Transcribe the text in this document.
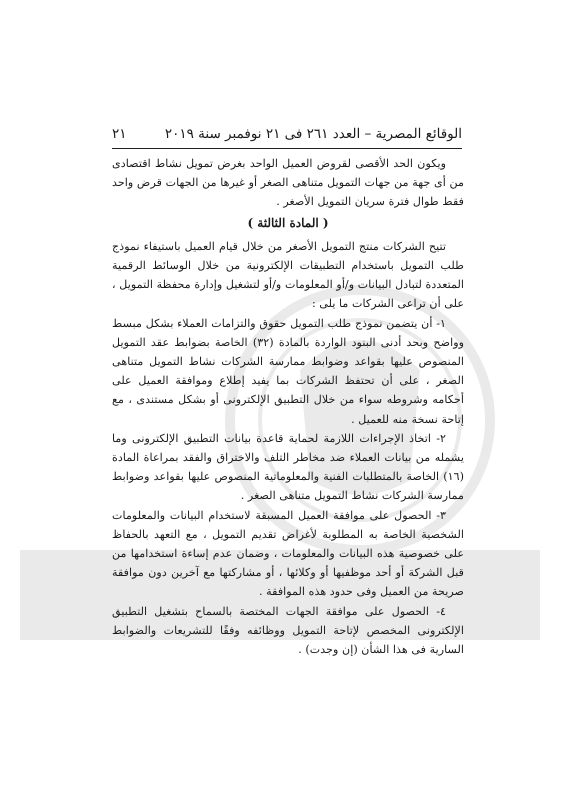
الوقائع المصرية – العدد ٢٦١ فى ٢١ نوفمبر سنة ٢٠١٩
٢١

ويكون الحد الأقصى لقروض العميل الواحد بغرض تمويل نشاط اقتصادى من أى جهة من جهات التمويل متناهى الصغر أو غيرها من الجهات قرض واحد فقط طوال فترة سريان التمويل الأصغر .

( المادة الثالثة )

تتيح الشركات منتج التمويل الأصغر من خلال قيام العميل باستيفاء نموذج طلب التمويل باستخدام التطبيقات الإلكترونية من خلال الوسائط الرقمية المتعددة لتبادل البيانات و/أو المعلومات و/أو لتشغيل وإدارة محفظة التمويل ، على أن تراعى الشركات ما يلى :

١- أن يتضمن نموذج طلب التمويل حقوق والتزامات العملاء بشكل مبسط وواضح وبحد أدنى البنود الواردة بالمادة (٣٢) الخاصة بضوابط عقد التمويل المنصوص عليها بقواعد وضوابط ممارسة الشركات نشاط التمويل متناهى الصغر ، على أن تحتفظ الشركات بما يفيد إطلاع وموافقة العميل على أحكامه وشروطه سواء من خلال التطبيق الإلكترونى أو بشكل مستندى ، مع إتاحة نسخة منه للعميل .

٢- اتخاذ الإجراءات اللازمة لحماية قاعدة بيانات التطبيق الإلكترونى وما يشمله من بيانات العملاء ضد مخاطر التلف والاختراق والفقد بمراعاة المادة (١٦) الخاصة بالمتطلبات الفنية والمعلوماتية المنصوص عليها بقواعد وضوابط ممارسة الشركات نشاط التمويل متناهى الصغر .

٣- الحصول على موافقة العميل المسبقة لاستخدام البيانات والمعلومات الشخصية الخاصة به المطلوبة لأغراض تقديم التمويل ، مع التعهد بالحفاظ على خصوصية هذه البيانات والمعلومات ، وضمان عدم إساءة استخدامها من قبل الشركة أو أحد موظفيها أو وكلائها ، أو مشاركتها مع آخرين دون موافقة صريحة من العميل وفى حدود هذه الموافقة .

٤- الحصول على موافقة الجهات المختصة بالسماح بتشغيل التطبيق الإلكترونى المخصص لإتاحة التمويل ووظائفه وفقًا للتشريعات والضوابط السارية فى هذا الشأن (إن وجدت) .
